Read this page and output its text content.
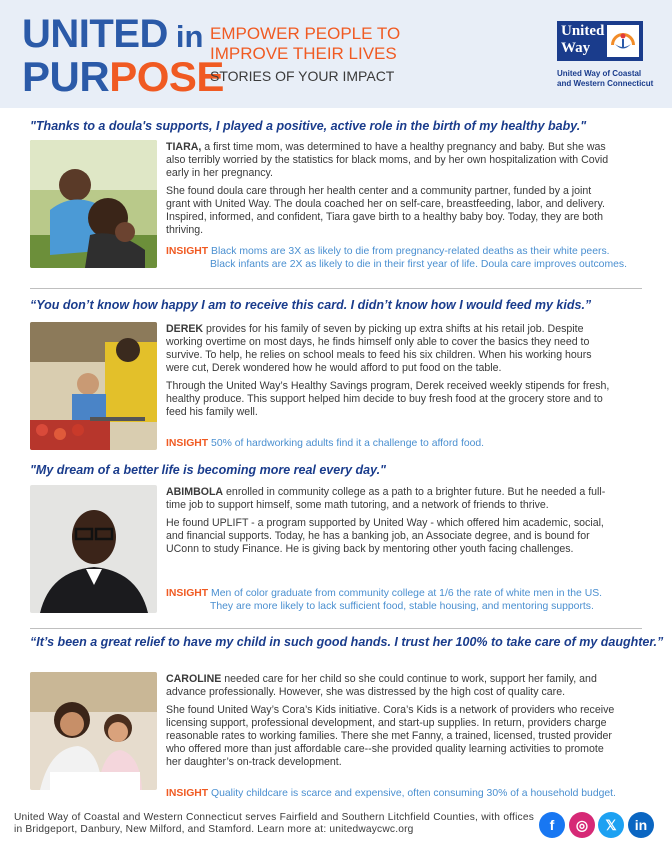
UNITED in
PURPOSE
EMPOWER PEOPLE TO
IMPROVE THEIR LIVES
STORIES OF YOUR IMPACT
United
Way
United Way of Coastal
and Western Connecticut
"Thanks to a doula's supports, I played a positive, active role in the birth of my healthy baby."

TIARA, a first time mom, was determined to have a healthy pregnancy and baby. But she was also terribly worried by the statistics for black moms, and by her own hospitalization with Covid early in her pregnancy.

She found doula care through her health center and a community partner, funded by a joint grant with United Way. The doula coached her on self-care, breastfeeding, labor, and delivery. Inspired, informed, and confident, Tiara gave birth to a healthy baby boy. Today, they are both thriving.

INSIGHT Black moms are 3X as likely to die from pregnancy-related deaths as their white peers.
Black infants are 2X as likely to die in their first year of life. Doula care improves outcomes.
“You don’t know how happy I am to receive this card. I didn’t know how I would feed my kids.”

DEREK provides for his family of seven by picking up extra shifts at his retail job. Despite working overtime on most days, he finds himself only able to cover the basics they need to survive. To help, he relies on school meals to feed his six children. When his working hours were cut, Derek wondered how he would afford to put food on the table.

Through the United Way’s Healthy Savings program, Derek received weekly stipends for fresh, healthy produce. This support helped him decide to buy fresh food at the grocery store and to feed his family well.

INSIGHT 50% of hardworking adults find it a challenge to afford food.
"My dream of a better life is becoming more real every day."

ABIMBOLA enrolled in community college as a path to a brighter future. But he needed a full-time job to support himself, some math tutoring, and a network of friends to thrive.

He found UPLIFT - a program supported by United Way - which offered him academic, social, and financial supports. Today, he has a banking job, an Associate degree, and is bound for UConn to study Finance. He is giving back by mentoring other youth facing challenges.

INSIGHT Men of color graduate from community college at 1/6 the rate of white men in the US.
They are more likely to lack sufficient food, stable housing, and mentoring supports.
“It’s been a great relief to have my child in such good hands. I trust her 100% to take care of my daughter.”

CAROLINE needed care for her child so she could continue to work, support her family, and advance professionally. However, she was distressed by the high cost of quality care.

She found United Way’s Cora’s Kids initiative. Cora’s Kids is a network of providers who receive licensing support, professional development, and start-up supplies. In return, providers charge reasonable rates to working families. There she met Fanny, a trained, licensed, trusted provider who offered more than just affordable care--she provided quality learning activities to promote her daughter’s on-track development.

INSIGHT Quality childcare is scarce and expensive, often consuming 30% of a household budget.
United Way of Coastal and Western Connecticut serves Fairfield and Southern Litchfield Counties, with offices in Bridgeport, Danbury, New Milford, and Stamford. Learn more at: unitedwaycwc.org	f	◎	𝕏	in
